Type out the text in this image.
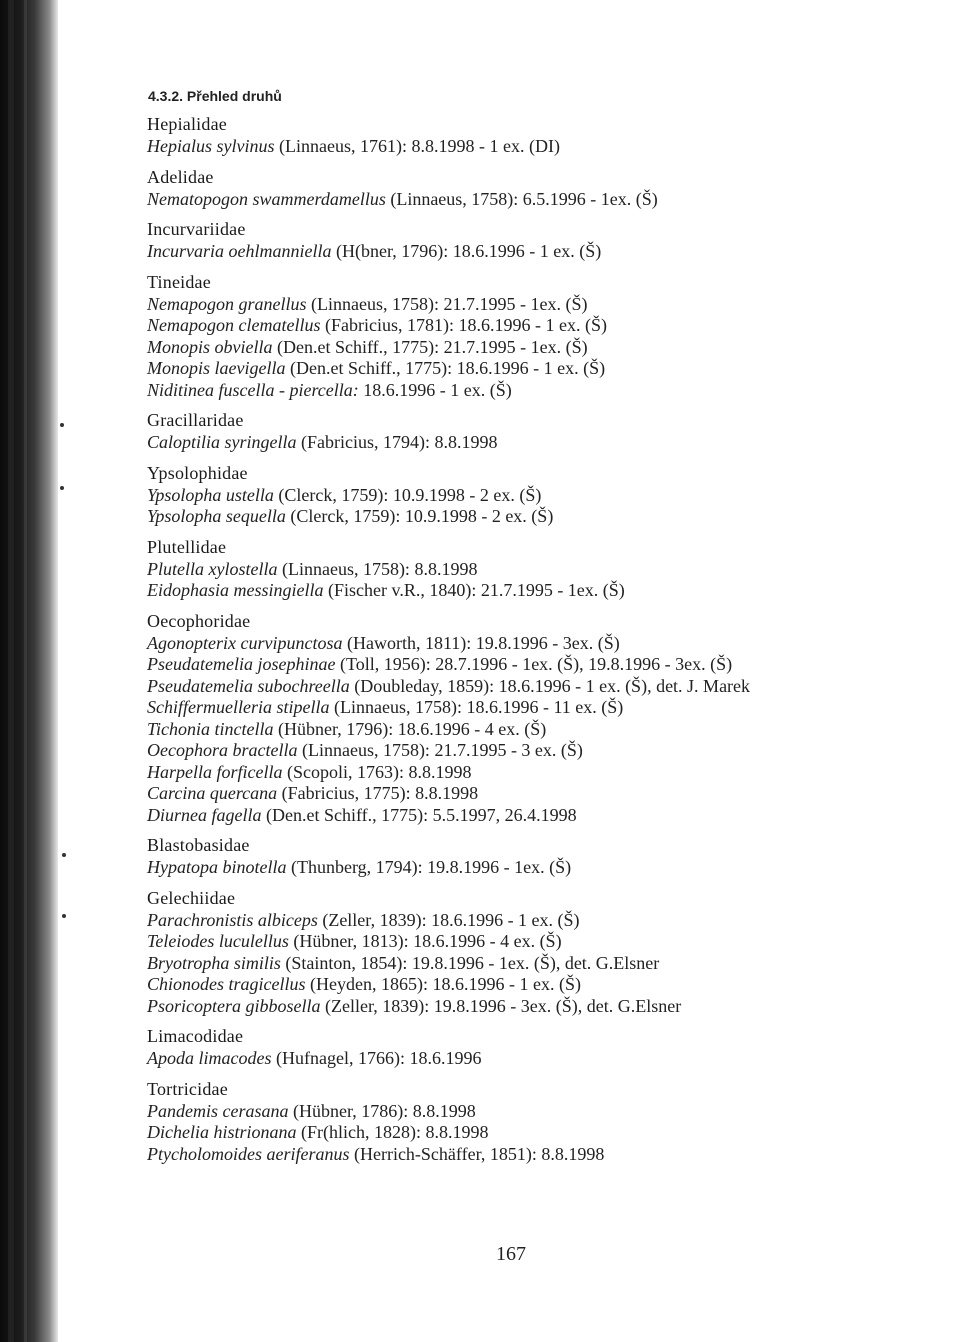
4.3.2. Přehled druhů
Hepialidae
Hepialus sylvinus (Linnaeus, 1761): 8.8.1998 - 1 ex. (DI)
Adelidae
Nematopogon swammerdamellus (Linnaeus, 1758): 6.5.1996 - 1ex. (Š)
Incurvariidae
Incurvaria oehlmanniella (H(bner, 1796): 18.6.1996 - 1 ex. (Š)
Tineidae
Nemapogon granellus (Linnaeus, 1758): 21.7.1995 - 1ex. (Š)
Nemapogon clematellus (Fabricius, 1781): 18.6.1996 - 1 ex. (Š)
Monopis obviella (Den.et Schiff., 1775): 21.7.1995 - 1ex. (Š)
Monopis laevigella (Den.et Schiff., 1775): 18.6.1996 - 1 ex. (Š)
Niditinea fuscella - piercella: 18.6.1996 - 1 ex. (Š)
Gracillaridae
Caloptilia syringella (Fabricius, 1794): 8.8.1998
Ypsolophidae
Ypsolopha ustella (Clerck, 1759): 10.9.1998 - 2 ex. (Š)
Ypsolopha sequella (Clerck, 1759): 10.9.1998 - 2 ex. (Š)
Plutellidae
Plutella xylostella (Linnaeus, 1758): 8.8.1998
Eidophasia messingiella (Fischer v.R., 1840): 21.7.1995 - 1ex. (Š)
Oecophoridae
Agonopterix curvipunctosa (Haworth, 1811): 19.8.1996 - 3ex. (Š)
Pseudatemelia josephinae (Toll, 1956): 28.7.1996 - 1ex. (Š), 19.8.1996 - 3ex. (Š)
Pseudatemelia subochreella (Doubleday, 1859): 18.6.1996 - 1 ex. (Š), det. J. Marek
Schiffermuelleria stipella (Linnaeus, 1758): 18.6.1996 - 11 ex. (Š)
Tichonia tinctella (Hübner, 1796): 18.6.1996 - 4 ex. (Š)
Oecophora bractella (Linnaeus, 1758): 21.7.1995 - 3 ex. (Š)
Harpella forficella (Scopoli, 1763): 8.8.1998
Carcina quercana (Fabricius, 1775): 8.8.1998
Diurnea fagella (Den.et Schiff., 1775): 5.5.1997, 26.4.1998
Blastobasidae
Hypatopa binotella (Thunberg, 1794): 19.8.1996 - 1ex. (Š)
Gelechiidae
Parachronistis albiceps (Zeller, 1839): 18.6.1996 - 1 ex. (Š)
Teleiodes luculellus (Hübner, 1813): 18.6.1996 - 4 ex. (Š)
Bryotropha similis (Stainton, 1854): 19.8.1996 - 1ex. (Š), det. G.Elsner
Chionodes tragicellus (Heyden, 1865): 18.6.1996 - 1 ex. (Š)
Psoricoptera gibbosella (Zeller, 1839): 19.8.1996 - 3ex. (Š), det. G.Elsner
Limacodidae
Apoda limacodes (Hufnagel, 1766): 18.6.1996
Tortricidae
Pandemis cerasana (Hübner, 1786): 8.8.1998
Dichelia histrionana (Fr(hlich, 1828): 8.8.1998
Ptycholomoides aeriferanus (Herrich-Schäffer, 1851): 8.8.1998
167
